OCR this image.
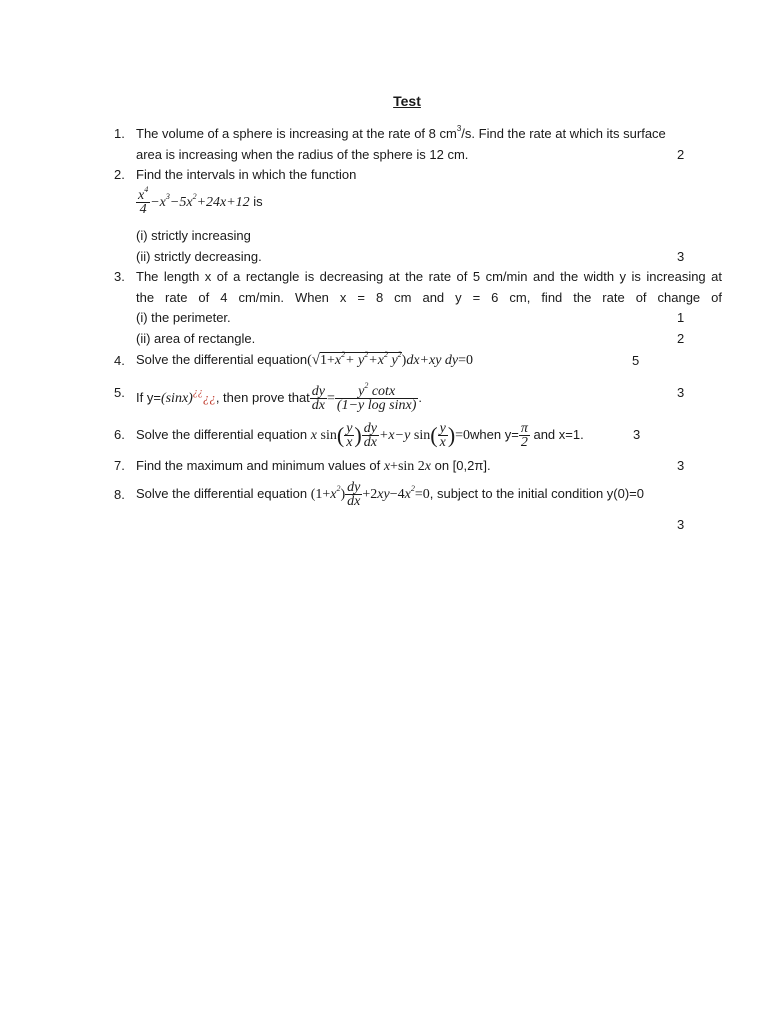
Test
1. The volume of a sphere is increasing at the rate of 8 $cm^3/s$. Find the rate at which its surface
area is increasing when the radius of the sphere is 12 cm.	2
2. Find the intervals in which the function
$\frac{x^4}{4} -x^3-5x^2+24x+12$ is
(i) strictly increasing
(ii) strictly decreasing.	3
3. The length x of a rectangle is decreasing at the rate of 5 cm/min and the width y is increasing at
the rate of 4 cm/min. When x = 8 cm and y = 6 cm, find the rate of change of
(i) the perimeter.	1
(ii) area of rectangle.	2
4. Solve the differential $equation(√1+x^2+ y^2+x^2$ $y^2)dx+xy$ dy=0	5
5. If y=(sinx)¿¿¿¿, then prove that $\frac{dy}{dx} = \frac{y^2 \cot x}{\text{(1−y log sinx)}}$ .	3
6. Solve the differential equation x $\sin( \frac{y}{x}$ ) $\frac{dy}{dx} +x-y$ $\sin( \frac{y}{x}$ )=0when $y= \frac{\pi}{2}$ and x=1.	3
7. Find the maximum and minimum values of x+sin 2x on [0,2π].	3
8. Solve the differential equation $(1+x^2) \frac{dy}{dx} +2xy-4x^2=0$, subject to the initial condition y(0)=0
3
